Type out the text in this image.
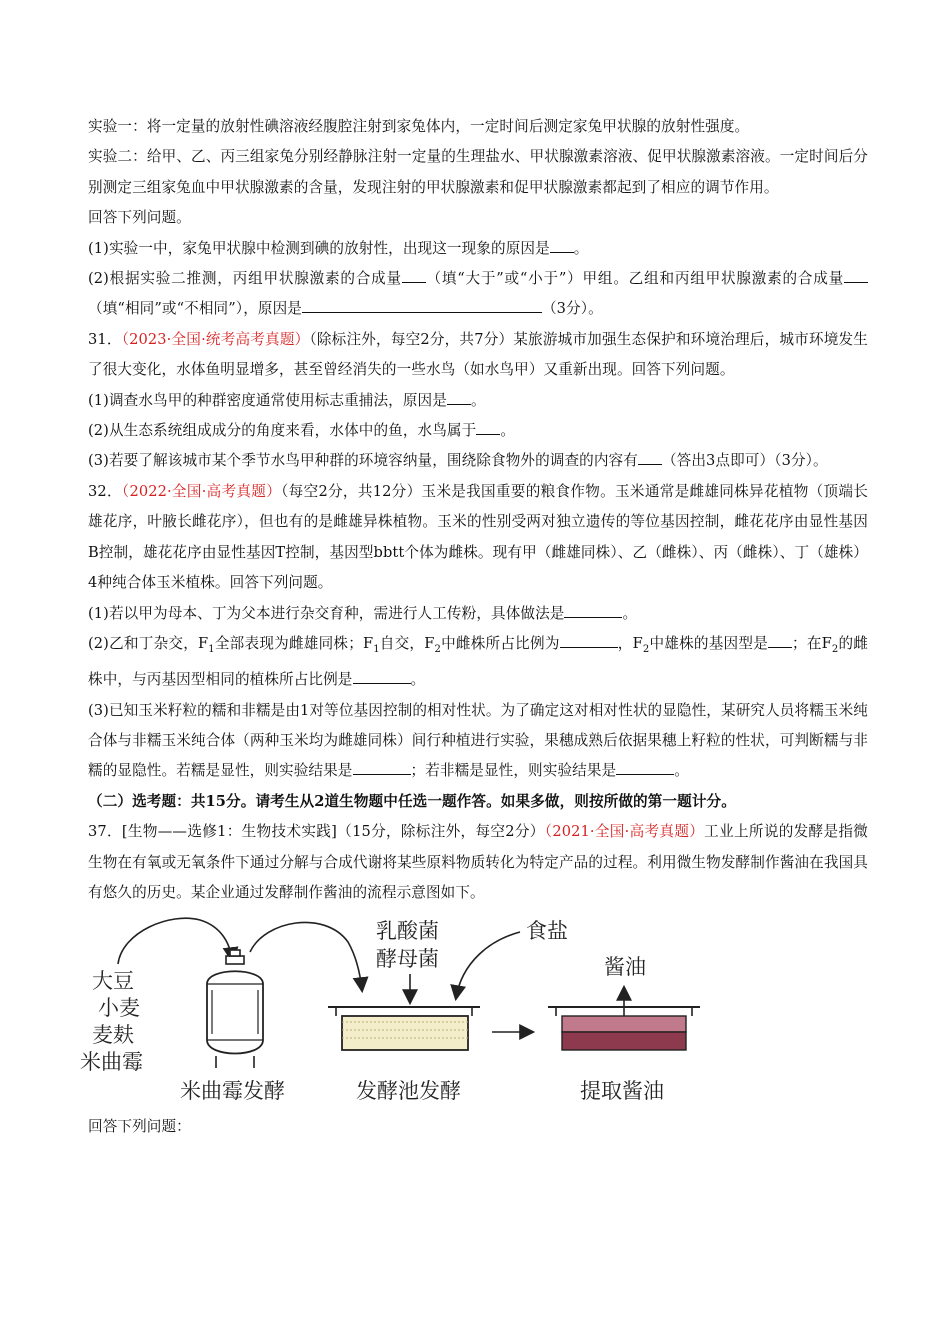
实验一：将一定量的放射性碘溶液经腹腔注射到家兔体内，一定时间后测定家兔甲状腺的放射性强度。

实验二：给甲、乙、丙三组家兔分别经静脉注射一定量的生理盐水、甲状腺激素溶液、促甲状腺激素溶液。一定时间后分别测定三组家兔血中甲状腺激素的含量，发现注射的甲状腺激素和促甲状腺激素都起到了相应的调节作用。

回答下列问题。

(1)实验一中，家兔甲状腺中检测到碘的放射性，出现这一现象的原因是 。

(2)根据实验二推测，丙组甲状腺激素的合成量 （填“大于”或“小于”）甲组。乙组和丙组甲状腺激素的合成量（填“相同”或“不相同”），原因是	（3分）。

31．（2023·全国·统考高考真题）（除标注外，每空2分，共7分）某旅游城市加强生态保护和环境治理后，城市环境发生了很大变化，水体鱼明显增多，甚至曾经消失的一些水鸟（如水鸟甲）又重新出现。回答下列问题。

(1)调查水鸟甲的种群密度通常使用标志重捕法，原因是 。

(2)从生态系统组成成分的角度来看，水体中的鱼，水鸟属于 。

(3)若要了解该城市某个季节水鸟甲种群的环境容纳量，围绕除食物外的调查的内容有 （答出3点即可）（3分）。

32．（2022·全国·高考真题）（每空2分，共12分）玉米是我国重要的粮食作物。玉米通常是雌雄同株异花植物（顶端长雄花序，叶腋长雌花序），但也有的是雌雄异株植物。玉米的性别受两对独立遗传的等位基因控制，雌花花序由显性基因B控制，雄花花序由显性基因T控制，基因型bbtt个体为雌株。现有甲（雌雄同株）、乙（雌株）、丙（雌株）、丁（雄株）4种纯合体玉米植株。回答下列问题。

(1)若以甲为母本、丁为父本进行杂交育种，需进行人工传粉，具体做法是	。

(2)乙和丁杂交，$F_1$全部表现为雌雄同株；$F_1$自交，$F_2$中雌株所占比例为	，$F_2$中雄株的基因型是 ；在$F_2$的雌株中，与丙基因型相同的植株所占比例是	。

(3)已知玉米籽粒的糯和非糯是由1对等位基因控制的相对性状。为了确定这对相对性状的显隐性，某研究人员将糯玉米纯合体与非糯玉米纯合体（两种玉米均为雌雄同株）间行种植进行实验，果穗成熟后依据果穗上籽粒的性状，可判断糯与非糯的显隐性。若糯是显性，则实验结果是	；若非糯是显性，则实验结果是	。

（二）选考题：共15分。请考生从2道生物题中任选一题作答。如果多做，则按所做的第一题计分。

37．[生物——选修1：生物技术实践]（15分，除标注外，每空2分）（2021·全国·高考真题）工业上所说的发酵是指微生物在有氧或无氧条件下通过分解与合成代谢将某些原料物质转化为特定产品的过程。利用微生物发酵制作酱油在我国具有悠久的历史。某企业通过发酵制作酱油的流程示意图如下。

大豆
小麦
麦麸
米曲霉
乳酸菌
酵母菌
食盐
酱油
米曲霉发酵	发酵池发酵	提取酱油

回答下列问题：
